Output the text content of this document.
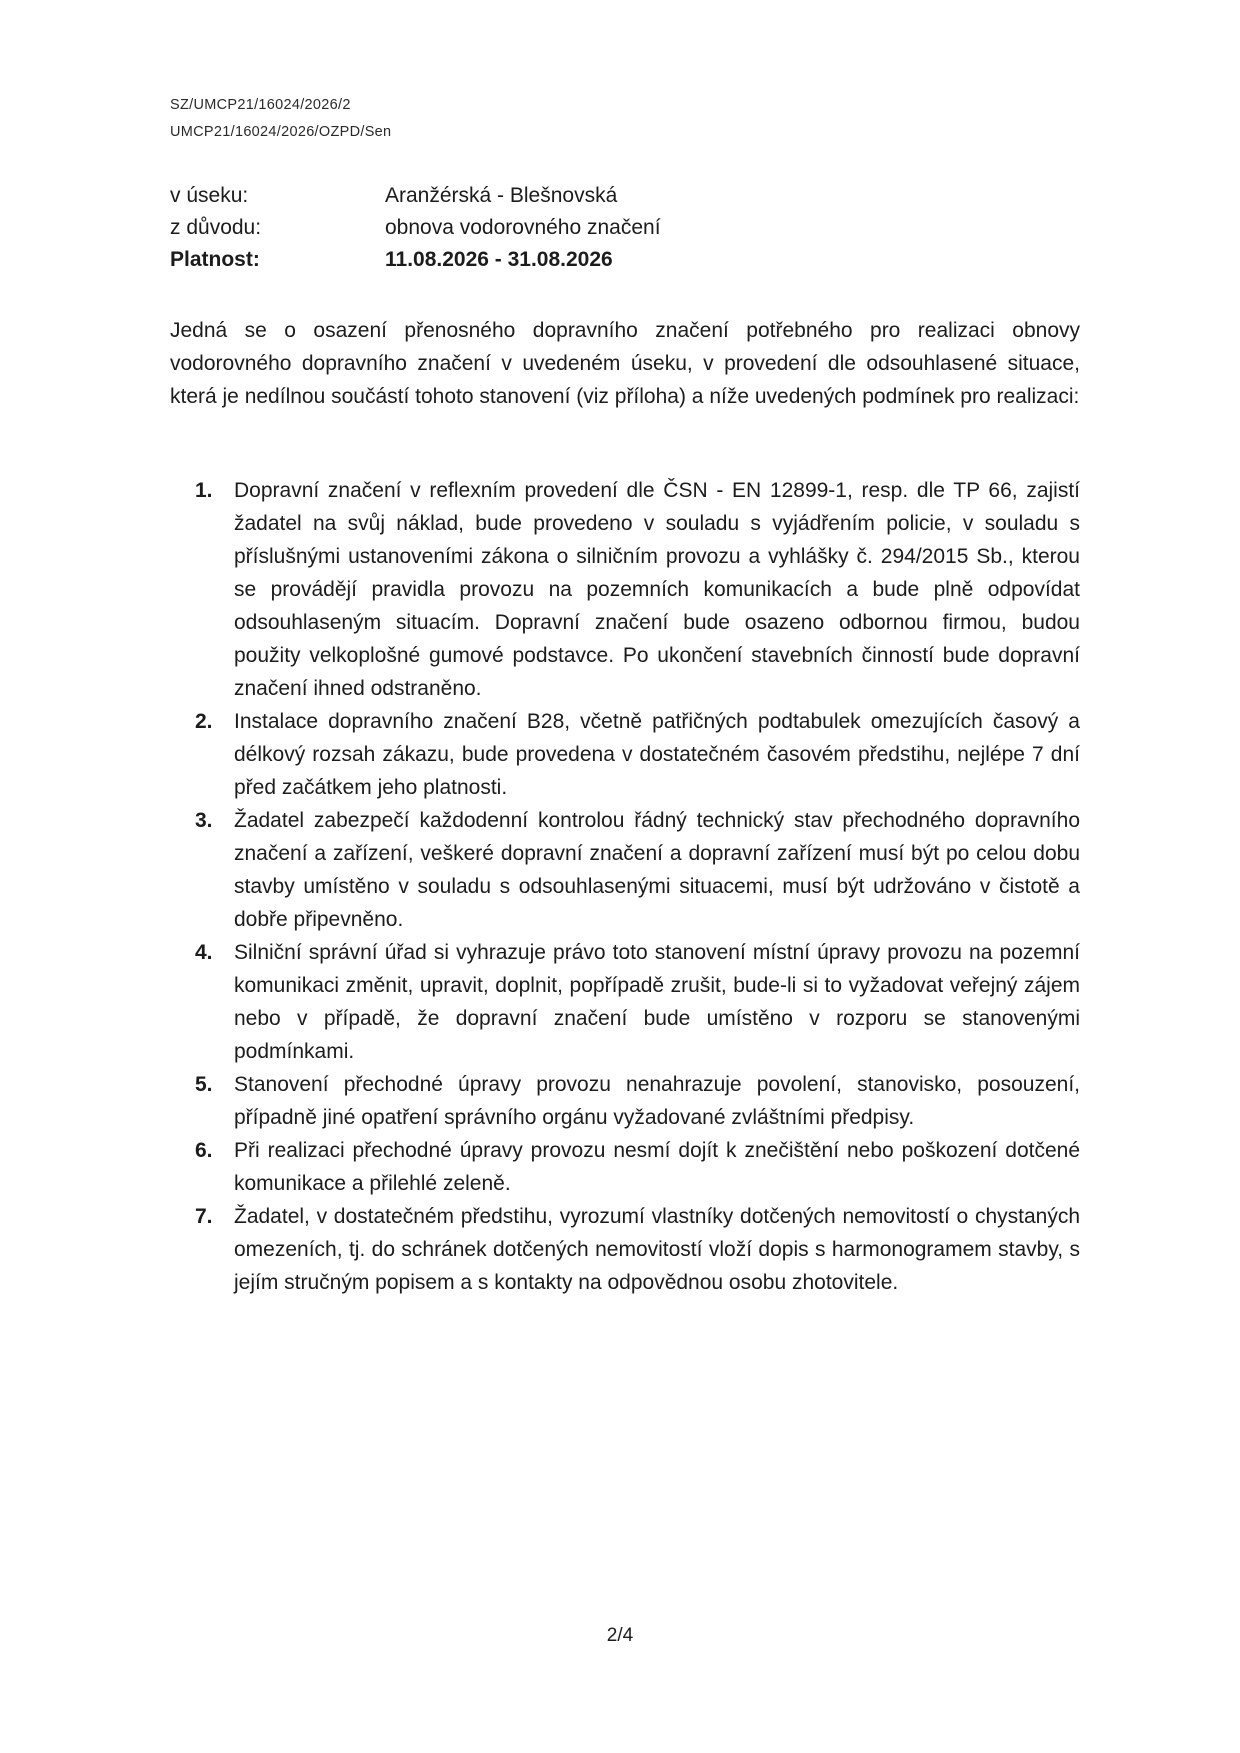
SZ/UMCP21/16024/2026/2
UMCP21/16024/2026/OZPD/Sen
v úseku:	Aranžérská - Blešnovská
z důvodu:	obnova vodorovného značení
Platnost:	11.08.2026 - 31.08.2026

Jedná se o osazení přenosného dopravního značení potřebného pro realizaci obnovy vodorovného dopravního značení v uvedeném úseku, v provedení dle odsouhlasené situace, která je nedílnou součástí tohoto stanovení (viz příloha) a níže uvedených podmínek pro realizaci:

1.	Dopravní značení v reflexním provedení dle ČSN - EN 12899-1, resp. dle TP 66, zajistí žadatel na svůj náklad, bude provedeno v souladu s vyjádřením policie, v souladu s příslušnými ustanoveními zákona o silničním provozu a vyhlášky č. 294/2015 Sb., kterou se provádějí pravidla provozu na pozemních komunikacích a bude plně odpovídat odsouhlaseným situacím. Dopravní značení bude osazeno odbornou firmou, budou použity velkoplošné gumové podstavce. Po ukončení stavebních činností bude dopravní značení ihned odstraněno.
2.	Instalace dopravního značení B28, včetně patřičných podtabulek omezujících časový a délkový rozsah zákazu, bude provedena v dostatečném časovém předstihu, nejlépe 7 dní před začátkem jeho platnosti.
3.	Žadatel zabezpečí každodenní kontrolou řádný technický stav přechodného dopravního značení a zařízení, veškeré dopravní značení a dopravní zařízení musí být po celou dobu stavby umístěno v souladu s odsouhlasenými situacemi, musí být udržováno v čistotě a dobře připevněno.
4.	Silniční správní úřad si vyhrazuje právo toto stanovení místní úpravy provozu na pozemní komunikaci změnit, upravit, doplnit, popřípadě zrušit, bude-li si to vyžadovat veřejný zájem nebo v případě, že dopravní značení bude umístěno v rozporu se stanovenými podmínkami.
5.	Stanovení přechodné úpravy provozu nenahrazuje povolení, stanovisko, posouzení, případně jiné opatření správního orgánu vyžadované zvláštními předpisy.
6.	Při realizaci přechodné úpravy provozu nesmí dojít k znečištění nebo poškození dotčené komunikace a přilehlé zeleně.
7.	Žadatel, v dostatečném předstihu, vyrozumí vlastníky dotčených nemovitostí o chystaných omezeních, tj. do schránek dotčených nemovitostí vloží dopis s harmonogramem stavby, s jejím stručným popisem a s kontakty na odpovědnou osobu zhotovitele.
2/4
